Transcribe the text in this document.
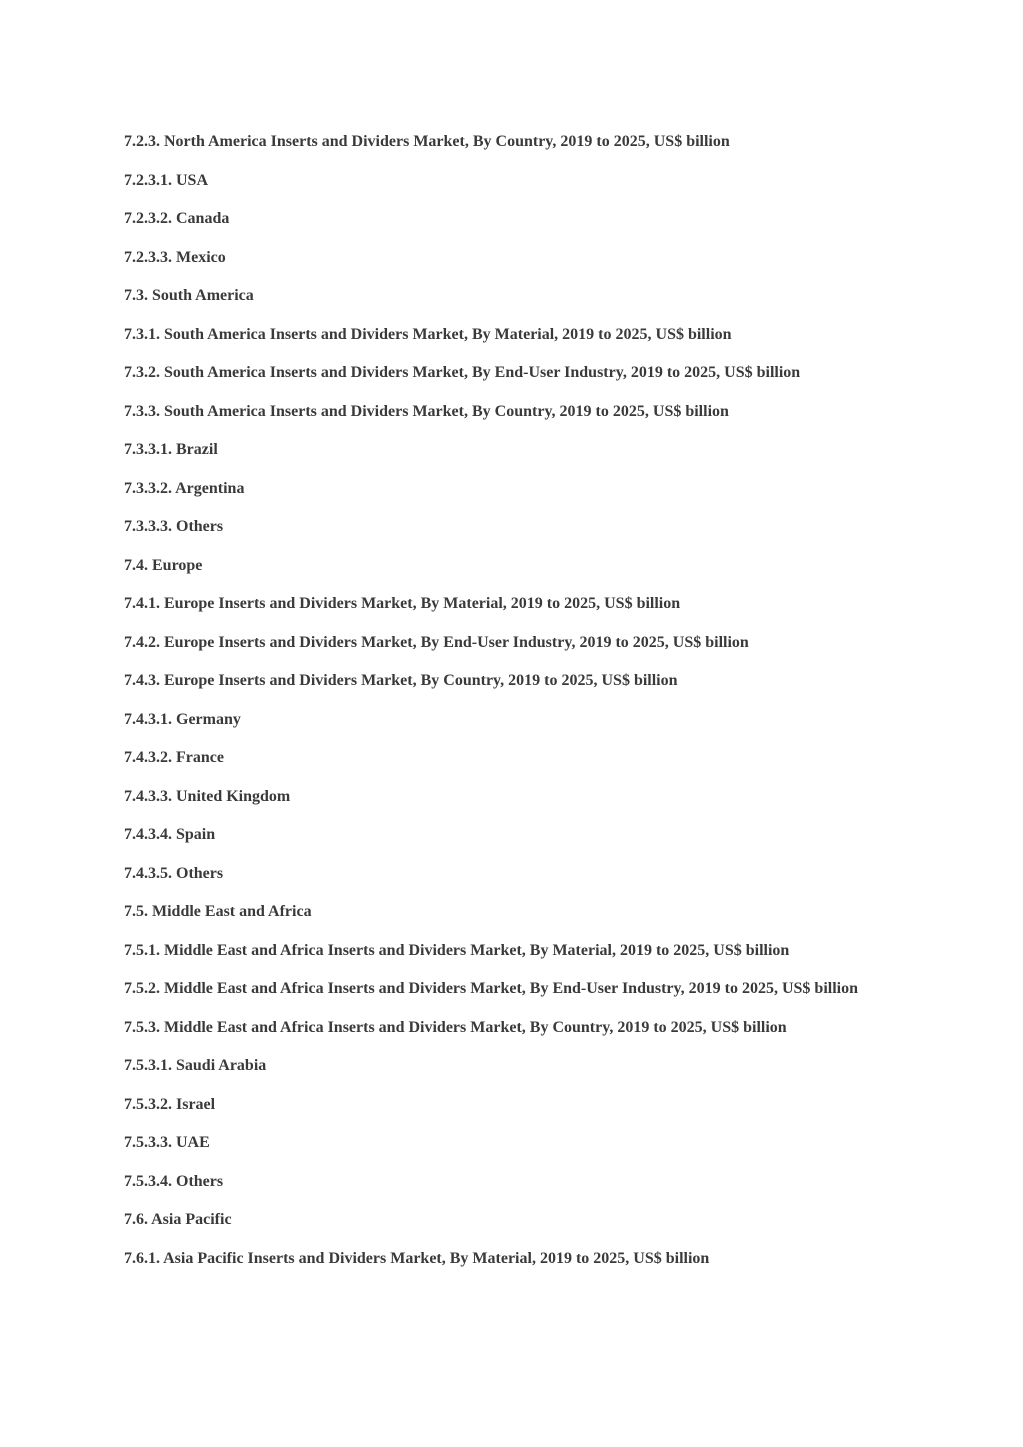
7.2.3. North America Inserts and Dividers Market, By Country, 2019 to 2025, US$ billion
7.2.3.1. USA
7.2.3.2. Canada
7.2.3.3. Mexico
7.3. South America
7.3.1. South America Inserts and Dividers Market, By Material, 2019 to 2025, US$ billion
7.3.2. South America Inserts and Dividers Market, By End-User Industry, 2019 to 2025, US$ billion
7.3.3. South America Inserts and Dividers Market, By Country, 2019 to 2025, US$ billion
7.3.3.1. Brazil
7.3.3.2. Argentina
7.3.3.3. Others
7.4. Europe
7.4.1. Europe Inserts and Dividers Market, By Material, 2019 to 2025, US$ billion
7.4.2. Europe Inserts and Dividers Market, By End-User Industry, 2019 to 2025, US$ billion
7.4.3. Europe Inserts and Dividers Market, By Country, 2019 to 2025, US$ billion
7.4.3.1. Germany
7.4.3.2. France
7.4.3.3. United Kingdom
7.4.3.4. Spain
7.4.3.5. Others
7.5. Middle East and Africa
7.5.1. Middle East and Africa Inserts and Dividers Market, By Material, 2019 to 2025, US$ billion
7.5.2. Middle East and Africa Inserts and Dividers Market, By End-User Industry, 2019 to 2025, US$ billion
7.5.3. Middle East and Africa Inserts and Dividers Market, By Country, 2019 to 2025, US$ billion
7.5.3.1. Saudi Arabia
7.5.3.2. Israel
7.5.3.3. UAE
7.5.3.4. Others
7.6. Asia Pacific
7.6.1. Asia Pacific Inserts and Dividers Market, By Material, 2019 to 2025, US$ billion
